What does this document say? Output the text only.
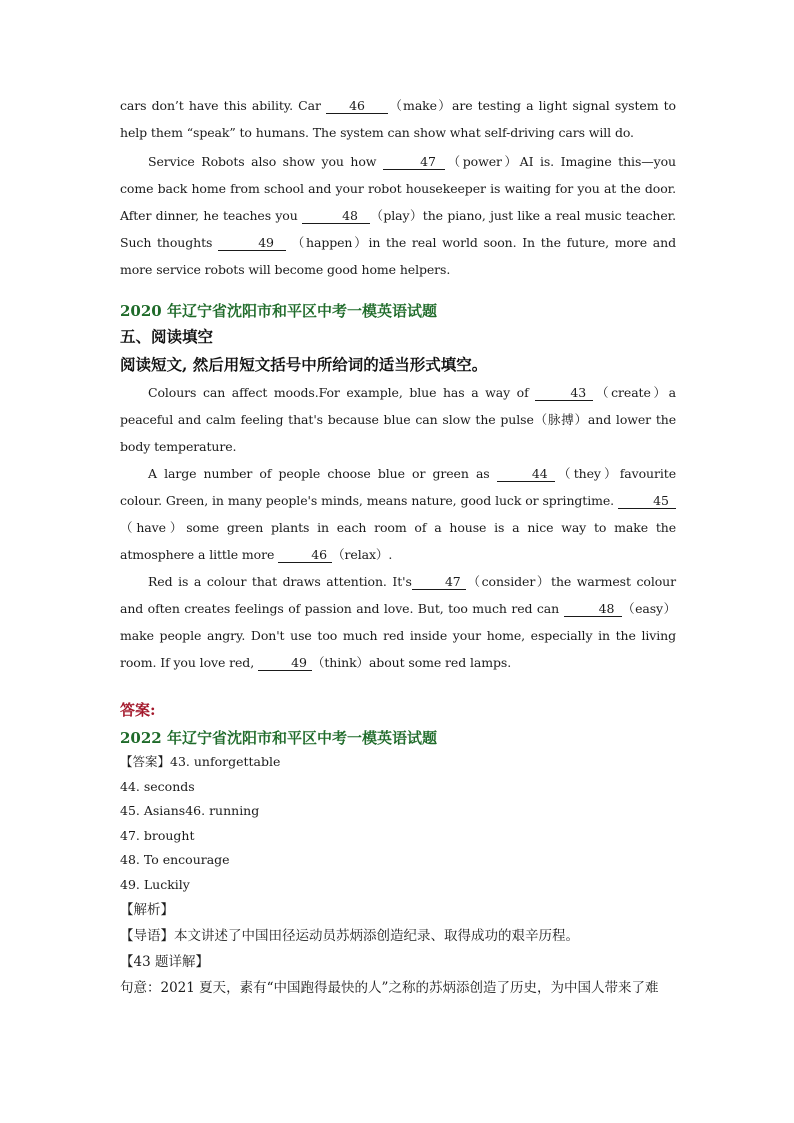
cars don’t have this ability. Car 46 （make）are testing a light signal system to help them “speak” to humans. The system can show what self-driving cars will do.

Service Robots also show you how	47 （power）AI is. Imagine this—you come back home from school and your robot housekeeper is waiting for you at the door. After dinner, he teaches you	48 （play）the piano, just like a real music teacher. Such thoughts	49 （happen）in the real world soon. In the future, more and more service robots will become good home helpers.

2020 年辽宁省沈阳市和平区中考一模英语试题

五、阅读填空

阅读短文, 然后用短文括号中所给词的适当形式填空。

Colours can affect moods.For example, blue has a way of	43 （create）a peaceful and calm feeling that's because blue can slow the pulse（脉搏）and lower the body temperature.

A large number of people choose blue or green as	44 （they）favourite colour. Green, in many people's minds, means nature, good luck or springtime.	45（have）some green plants in each room of a house is a nice way to make the atmosphere a little more	46 （relax）.

Red is a colour that draws attention. It's	47 （consider）the warmest colour and often creates feelings of passion and love. But, too much red can	48 （easy）make people angry. Don't use too much red inside your home, especially in the living room. If you love red,	49 （think）about some red lamps.

答案:

2022 年辽宁省沈阳市和平区中考一模英语试题

【答案】43. unforgettable

44. seconds

45. Asians46. running

47. brought

48. To encourage

49. Luckily

【解析】

【导语】本文讲述了中国田径运动员苏炳添创造纪录、取得成功的艰辛历程。

【43 题详解】

句意：2021 夏天，素有“中国跑得最快的人”之称的苏炳添创造了历史，为中国人带来了难
